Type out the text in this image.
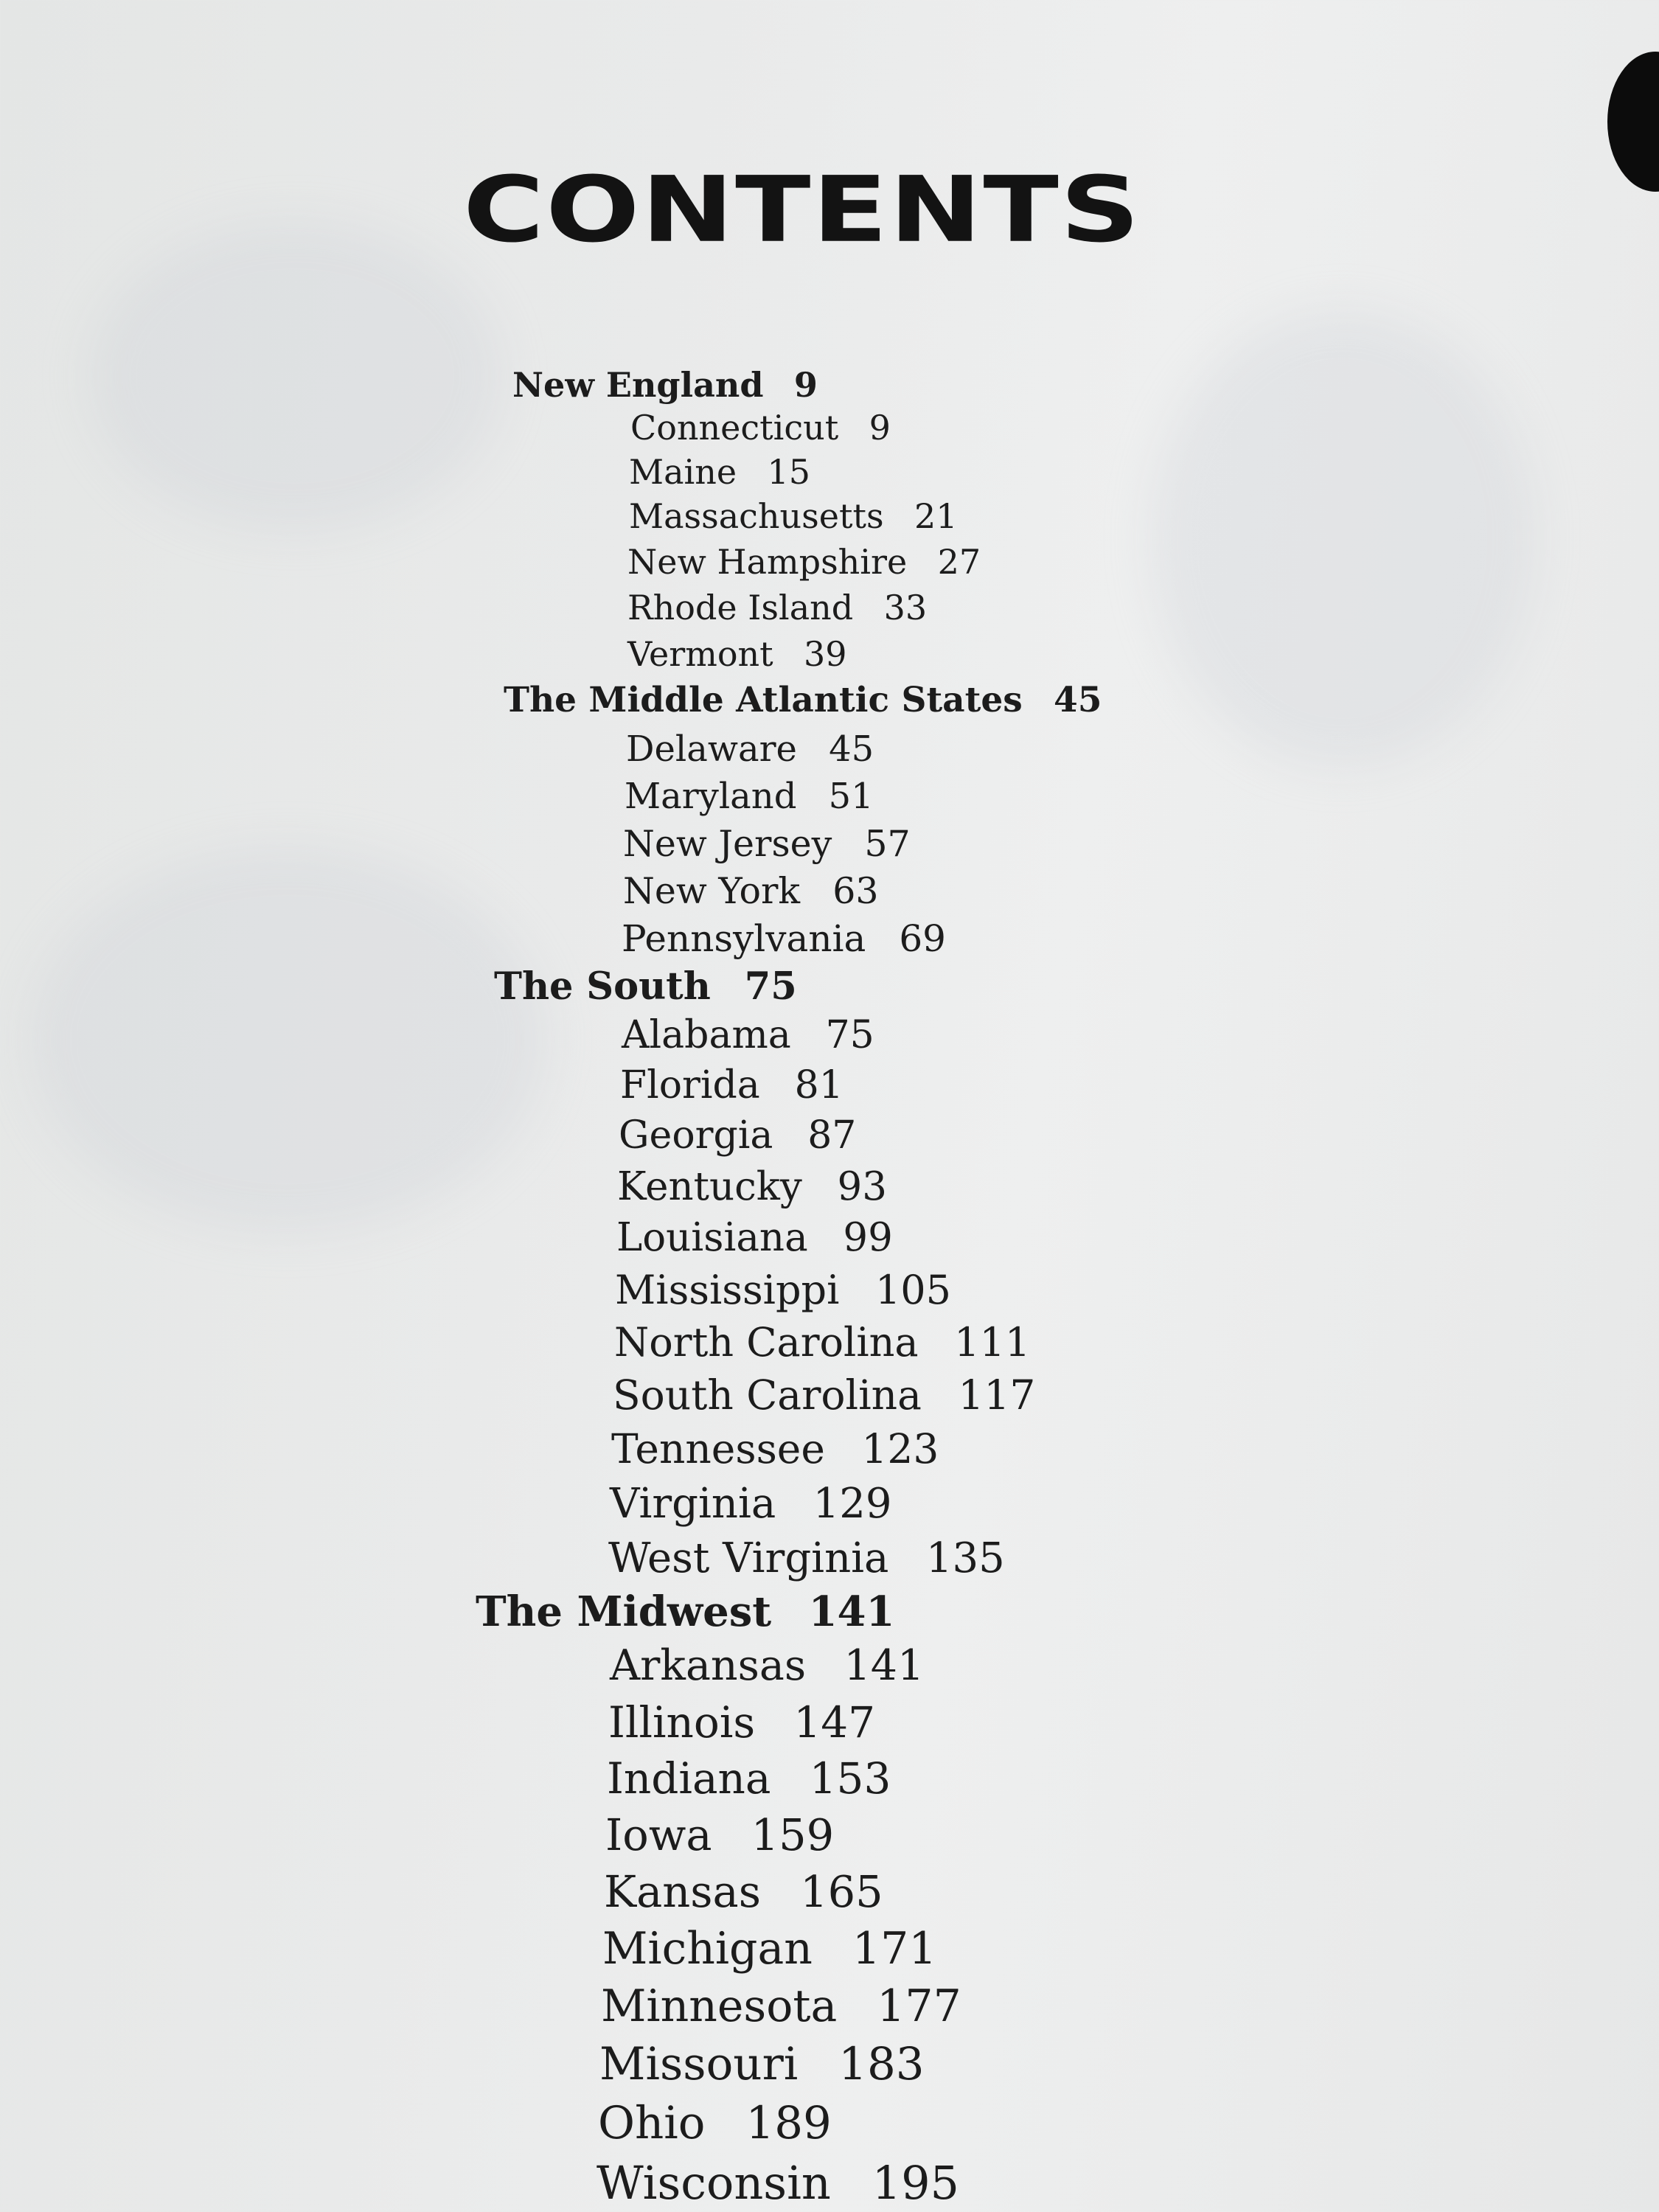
CONTENTS
New England 9
Connecticut 9
Maine 15
Massachusetts 21
New Hampshire 27
Rhode Island 33
Vermont 39
The Middle Atlantic States 45
Delaware 45
Maryland 51
New Jersey 57
New York 63
Pennsylvania 69
The South 75
Alabama 75
Florida 81
Georgia 87
Kentucky 93
Louisiana 99
Mississippi 105
North Carolina 111
South Carolina 117
Tennessee 123
Virginia 129
West Virginia 135
The Midwest 141
Arkansas 141
Illinois 147
Indiana 153
Iowa 159
Kansas 165
Michigan 171
Minnesota 177
Missouri 183
Ohio 189
Wisconsin 195
